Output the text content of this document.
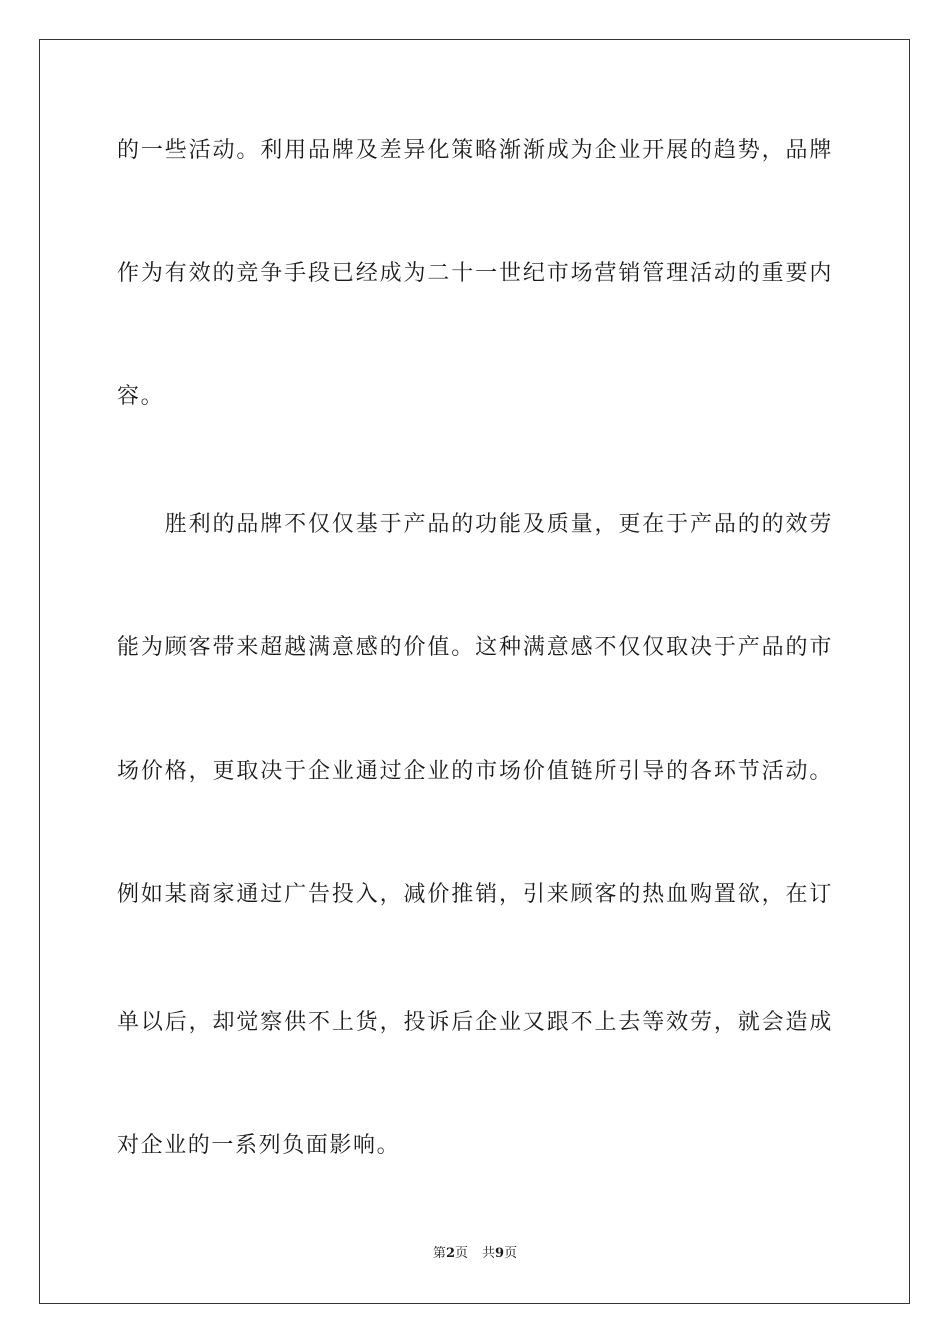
的一些活动。利用品牌及差异化策略渐渐成为企业开展的趋势，品牌
作为有效的竞争手段已经成为二十一世纪市场营销管理活动的重要内
容。
　　胜利的品牌不仅仅基于产品的功能及质量，更在于产品的的效劳
能为顾客带来超越满意感的价值。这种满意感不仅仅取决于产品的市
场价格，更取决于企业通过企业的市场价值链所引导的各环节活动。
例如某商家通过广告投入，减价推销，引来顾客的热血购置欲，在订
单以后，却觉察供不上货，投诉后企业又跟不上去等效劳，就会造成
对企业的一系列负面影响。
第2页 共9页
